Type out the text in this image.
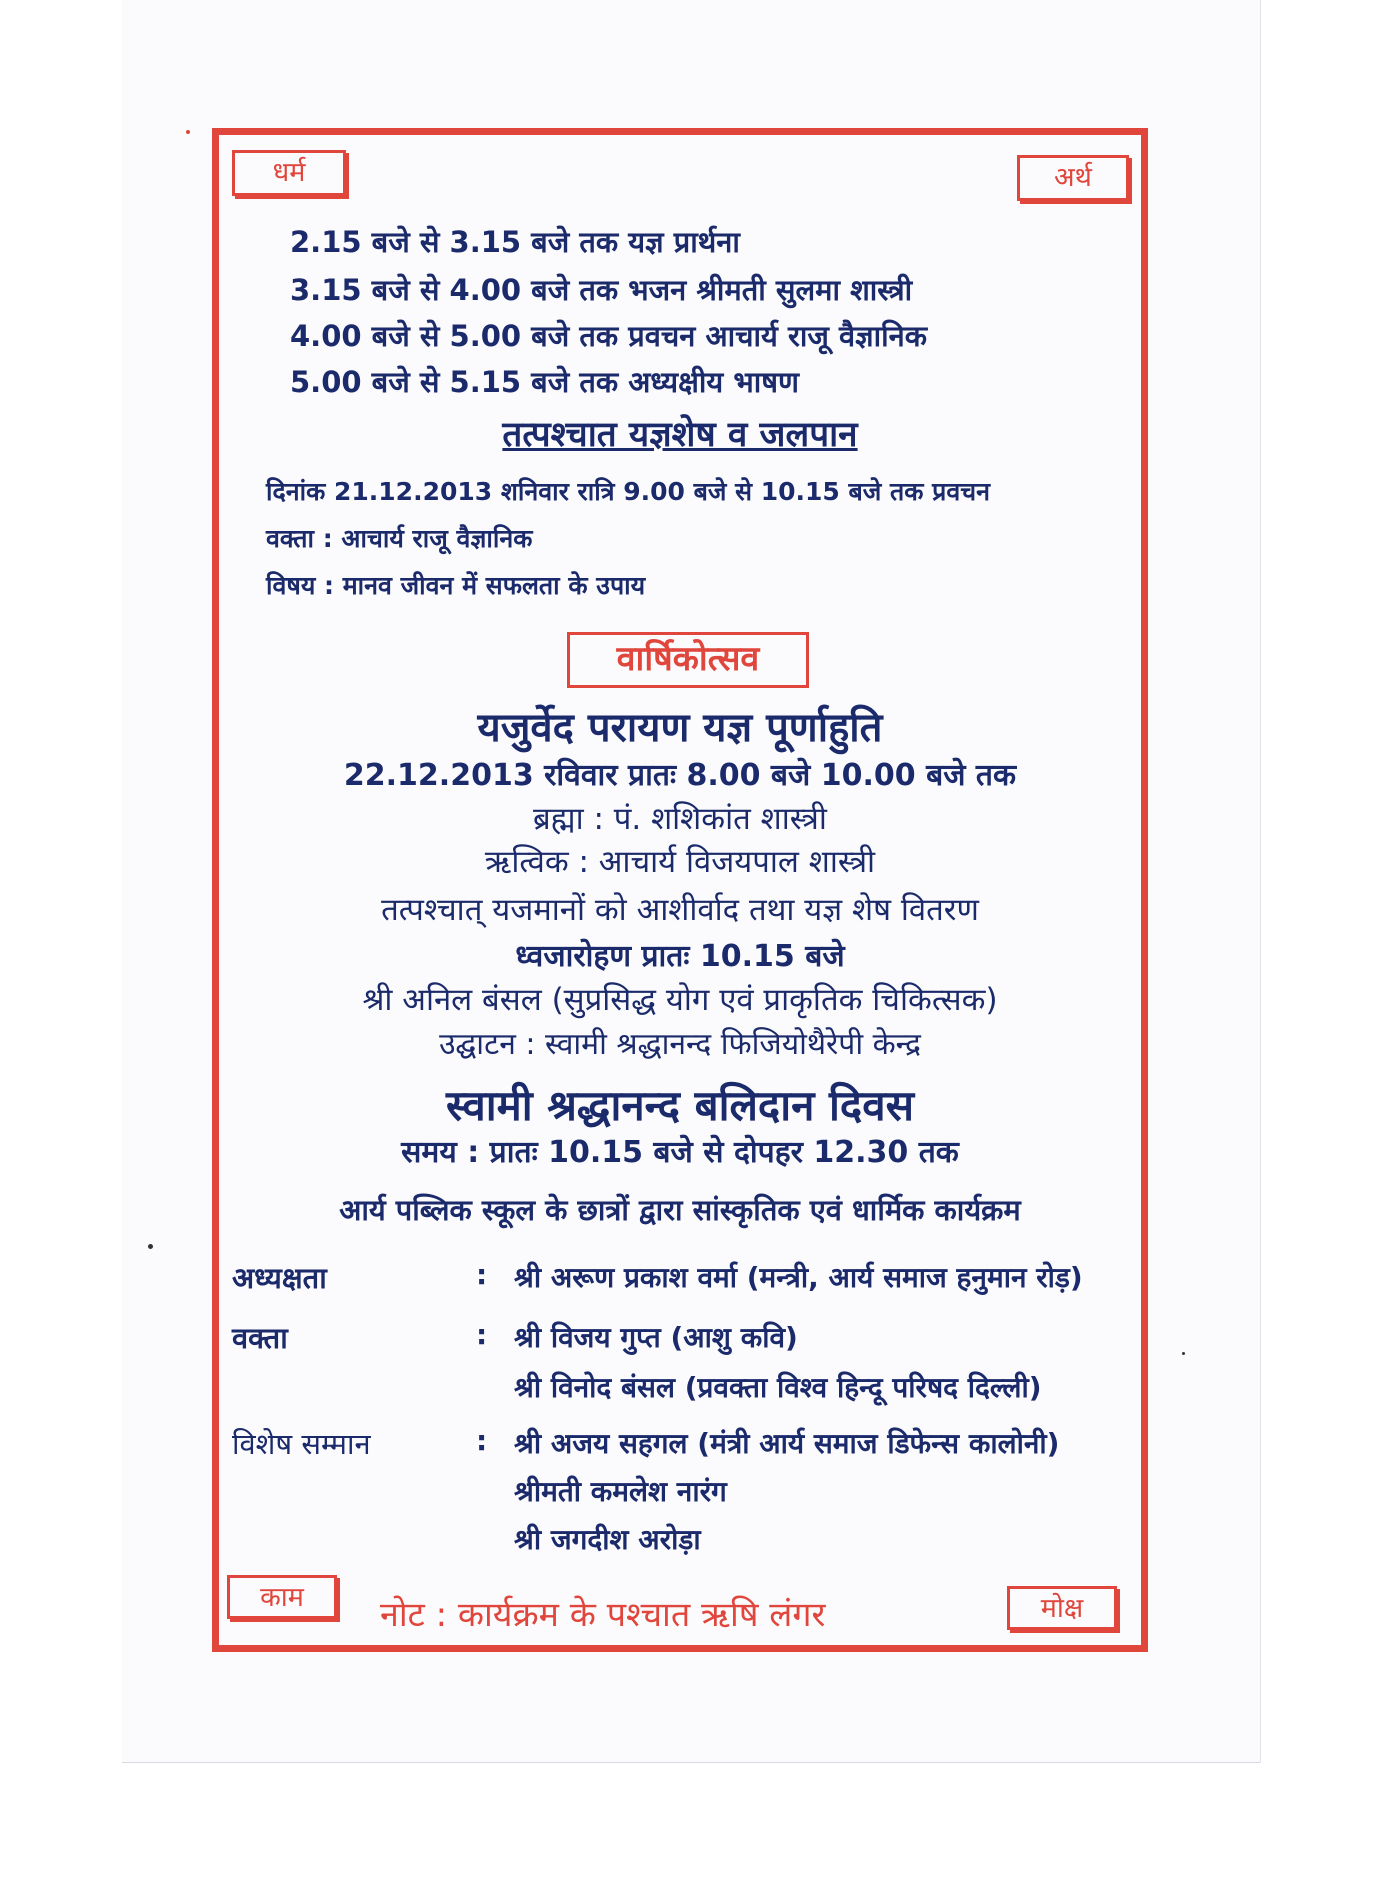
धर्म	अर्थ
काम	मोक्ष
2.15 बजे से 3.15 बजे तक यज्ञ प्रार्थना
3.15 बजे से 4.00 बजे तक भजन श्रीमती सुलमा शास्त्री
4.00 बजे से 5.00 बजे तक प्रवचन आचार्य राजू वैज्ञानिक
5.00 बजे से 5.15 बजे तक अध्यक्षीय भाषण
तत्पश्चात यज्ञशेष व जलपान
दिनांक 21.12.2013 शनिवार रात्रि 9.00 बजे से 10.15 बजे तक प्रवचन
वक्ता : आचार्य राजू वैज्ञानिक
विषय : मानव जीवन में सफलता के उपाय
वार्षिकोत्सव
यजुर्वेद परायण यज्ञ पूर्णाहुति
22.12.2013 रविवार प्रातः 8.00 बजे 10.00 बजे तक
ब्रह्मा : पं. शशिकांत शास्त्री
ऋत्विक : आचार्य विजयपाल शास्त्री
तत्पश्चात् यजमानों को आशीर्वाद तथा यज्ञ शेष वितरण
ध्वजारोहण प्रातः 10.15 बजे
श्री अनिल बंसल (सुप्रसिद्ध योग एवं प्राकृतिक चिकित्सक)
उद्घाटन : स्वामी श्रद्धानन्द फिजियोथैरेपी केन्द्र
स्वामी श्रद्धानन्द बलिदान दिवस
समय : प्रातः 10.15 बजे से दोपहर 12.30 तक
आर्य पब्लिक स्कूल के छात्रों द्वारा सांस्कृतिक एवं धार्मिक कार्यक्रम
अध्यक्षता	: श्री अरूण प्रकाश वर्मा (मन्त्री, आर्य समाज हनुमान रोड़)
वक्ता	: श्री विजय गुप्त (आशु कवि)
श्री विनोद बंसल (प्रवक्ता विश्व हिन्दू परिषद दिल्ली)
विशेष सम्मान	: श्री अजय सहगल (मंत्री आर्य समाज डिफेन्स कालोनी)
श्रीमती कमलेश नारंग
श्री जगदीश अरोड़ा
नोट : कार्यक्रम के पश्चात ऋषि लंगर
